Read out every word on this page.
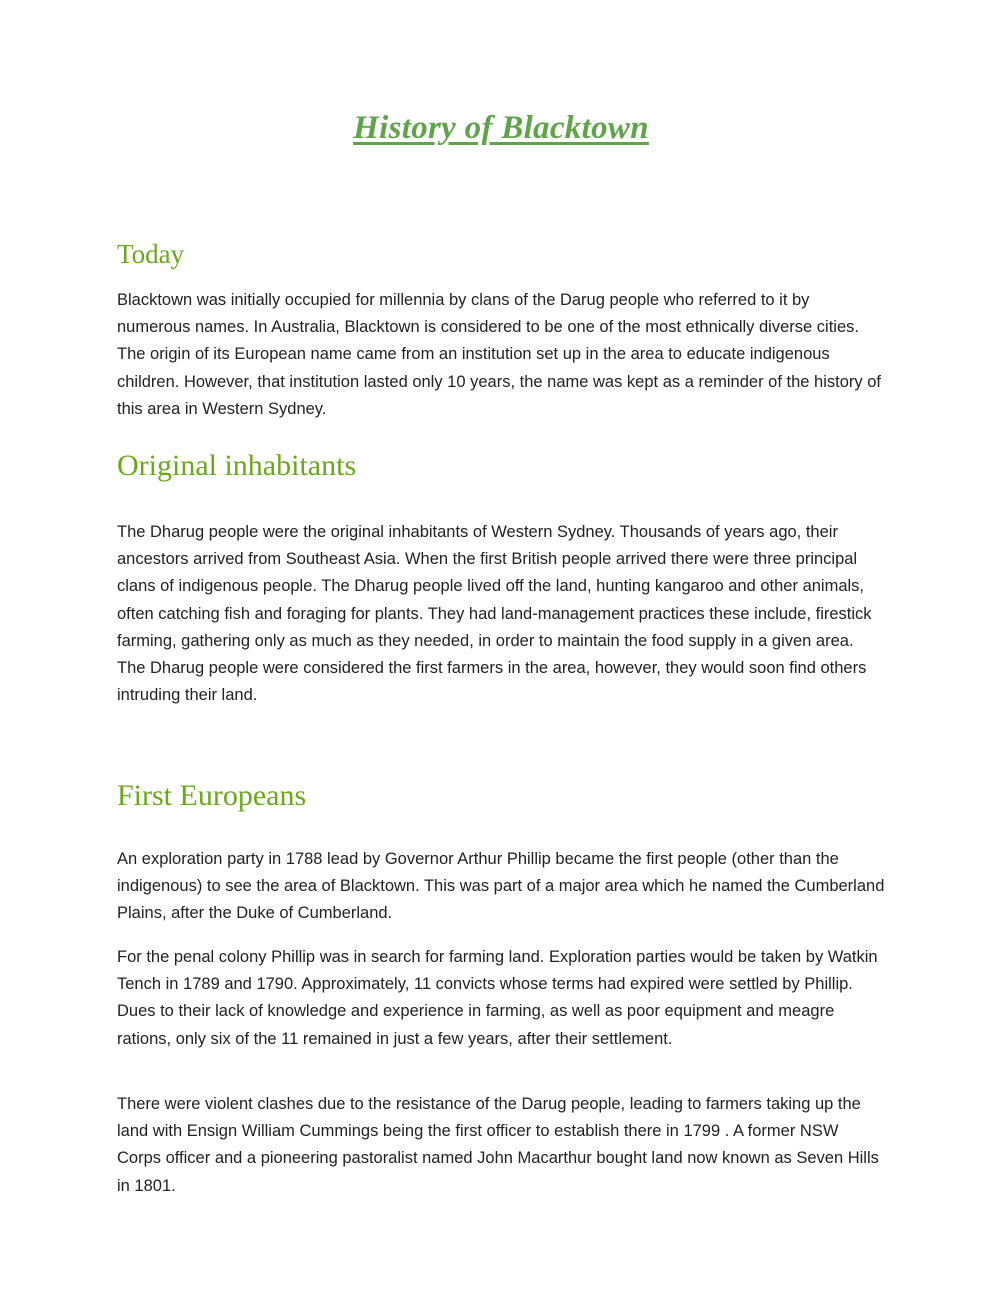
History of Blacktown
Today

Blacktown was initially occupied for millennia by clans of the Darug people who referred to it by numerous names. In Australia, Blacktown is considered to be one of the most ethnically diverse cities. The origin of its European name came from an institution set up in the area to educate indigenous children. However, that institution lasted only 10 years, the name was kept as a reminder of the history of this area in Western Sydney.

Original inhabitants

The Dharug people were the original inhabitants of Western Sydney. Thousands of years ago, their ancestors arrived from Southeast Asia. When the first British people arrived there were three principal clans of indigenous people. The Dharug people lived off the land, hunting kangaroo and other animals, often catching fish and foraging for plants. They had land-management practices these include, firestick farming, gathering only as much as they needed, in order to maintain the food supply in a given area. The Dharug people were considered the first farmers in the area, however, they would soon find others intruding their land.

First Europeans

An exploration party in 1788 lead by Governor Arthur Phillip became the first people (other than the indigenous) to see the area of Blacktown. This was part of a major area which he named the Cumberland Plains, after the Duke of Cumberland.

For the penal colony Phillip was in search for farming land. Exploration parties would be taken by Watkin Tench in 1789 and 1790. Approximately, 11 convicts whose terms had expired were settled by Phillip. Dues to their lack of knowledge and experience in farming, as well as poor equipment and meagre rations, only six of the 11 remained in just a few years, after their settlement.

There were violent clashes due to the resistance of the Darug people, leading to farmers taking up the land with Ensign William Cummings being the first officer to establish there in 1799 . A former NSW Corps officer and a pioneering pastoralist named John Macarthur bought land now known as Seven Hills in 1801.
